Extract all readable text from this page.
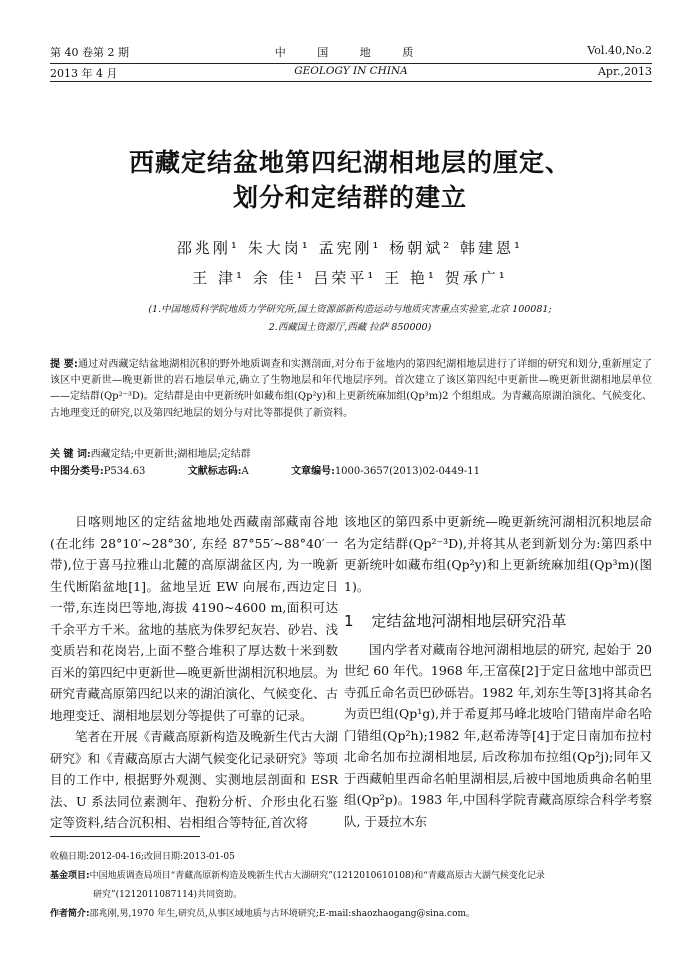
第 40 卷第 2 期
2013 年 4 月
中 国 地 质
GEOLOGY IN CHINA
Vol.40,No.2
Apr.,2013
西藏定结盆地第四纪湖相地层的厘定、
划分和定结群的建立
邵兆刚¹ 朱大岗¹ 孟宪刚¹ 杨朝斌² 韩建恩¹
王 津¹ 余 佳¹ 吕荣平¹ 王 艳¹ 贺承广¹
(1.中国地质科学院地质力学研究所,国土资源部新构造运动与地质灾害重点实验室,北京 100081;
2.西藏国土资源厅,西藏 拉萨 850000)
提 要:通过对西藏定结盆地湖相沉积的野外地质调查和实测剖面,对分布于盆地内的第四纪湖相地层进行了详细的研究和划分,重新厘定了该区中更新世—晚更新世的岩石地层单元,确立了生物地层和年代地层序列。首次建立了该区第四纪中更新世—晚更新世湖相地层单位——定结群(Qp²⁻³D)。定结群是由中更新统叶如藏布组(Qp²y)和上更新统麻加组(Qp³m)2 个组组成。为青藏高原湖泊演化、气候变化、古地理变迁的研究,以及第四纪地层的划分与对比等都提供了新资料。
关 键 词:西藏定结;中更新世;湖相地层;定结群
中图分类号:P534.63	文献标志码:A	文章编号:1000-3657(2013)02-0449-11

日喀则地区的定结盆地地处西藏南部藏南谷地(在北纬 28°10′~28°30′, 东经 87°55′~88°40′一带),位于喜马拉雅山北麓的高原湖盆区内, 为一晚新生代断陷盆地[1]。盆地呈近 EW 向展布,西边定日一带,东连岗巴等地,海拔 4190~4600 m,面积可达千余平方千米。盆地的基底为侏罗纪灰岩、砂岩、浅变质岩和花岗岩,上面不整合堆积了厚达数十米到数百米的第四纪中更新世—晚更新世湖相沉积地层。为研究青藏高原第四纪以来的湖泊演化、气候变化、古地理变迁、湖相地层划分等提供了可靠的记录。

笔者在开展《青藏高原新构造及晚新生代古大湖研究》和《青藏高原古大湖气候变化记录研究》等项目的工作中, 根据野外观测、实测地层剖面和 ESR 法、U 系法同位素测年、孢粉分析、介形虫化石鉴定等资料,结合沉积相、岩相组合等特征,首次将

该地区的第四系中更新统—晚更新统河湖相沉积地层命名为定结群(Qp²⁻³D),并将其从老到新划分为:第四系中更新统叶如藏布组(Qp²y)和上更新统麻加组(Qp³m)(图 1)。

1 定结盆地河湖相地层研究沿革

国内学者对藏南谷地河湖相地层的研究, 起始于 20 世纪 60 年代。1968 年,王富葆[2]于定日盆地中部贡巴寺孤丘命名贡巴砂砾岩。1982 年,刘东生等[3]将其命名为贡巴组(Qp¹g),并于希夏邦马峰北坡哈门错南岸命名哈门错组(Qp²h);1982 年,赵希涛等[4]于定日南加布拉村北命名加布拉湖相地层, 后改称加布拉组(Qp²j);同年又于西藏帕里西命名帕里湖相层,后被中国地质典命名帕里组(Qp²p)。1983 年,中国科学院青藏高原综合科学考察队, 于聂拉木东

收稿日期:2012-04-16;改回日期:2013-01-05
基金项目:中国地质调查局项目“青藏高原新构造及晚新生代古大湖研究”(1212010610108)和“青藏高原古大湖气候变化记录
研究”(1212011087114)共同资助。
作者简介:邵兆刚,男,1970 年生,研究员,从事区域地质与古环境研究;E-mail:shaozhaogang@sina.com。
